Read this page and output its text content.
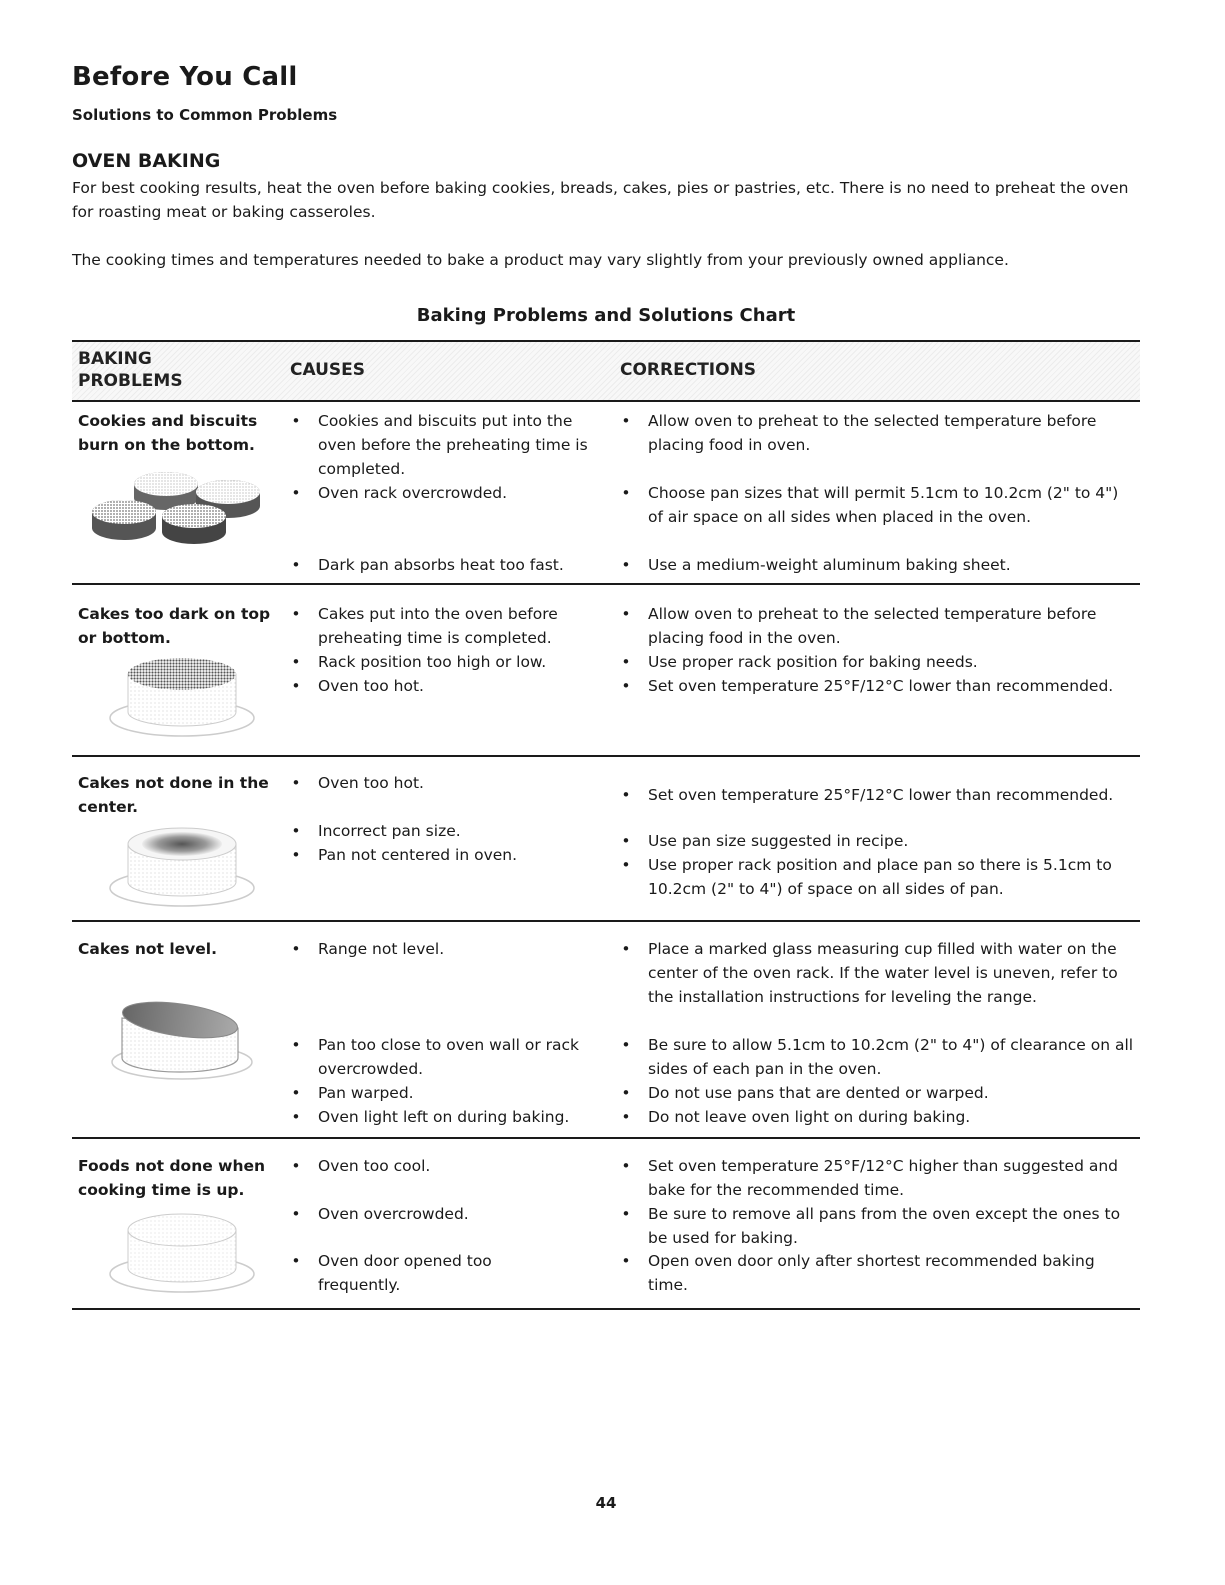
Before You Call
Solutions to Common Problems
OVEN BAKING
For best cooking results, heat the oven before baking cookies, breads, cakes, pies or pastries, etc. There is no need to preheat the oven for roasting meat or baking casseroles.
The cooking times and temperatures needed to bake a product may vary slightly from your previously owned appliance.
Baking Problems and Solutions Chart
BAKING
PROBLEMS
CAUSES	CORRECTIONS
Cookies and biscuits burn on the bottom.
• Cookies and biscuits put into the oven before the preheating time is completed.
• Oven rack overcrowded.
• Dark pan absorbs heat too fast.
• Allow oven to preheat to the selected temperature before placing food in oven.
• Choose pan sizes that will permit 5.1cm to 10.2cm (2" to 4") of air space on all sides when placed in the oven.
• Use a medium-weight aluminum baking sheet.
Cakes too dark on top or bottom.
• Cakes put into the oven before preheating time is completed.
• Rack position too high or low.
• Oven too hot.
• Allow oven to preheat to the selected temperature before placing food in the oven.
• Use proper rack position for baking needs.
• Set oven temperature 25°F/12°C lower than recommended.
Cakes not done in the center.
• Oven too hot.
• Incorrect pan size.
• Pan not centered in oven.
• Set oven temperature 25°F/12°C lower than recommended.
• Use pan size suggested in recipe.
• Use proper rack position and place pan so there is 5.1cm to 10.2cm (2" to 4") of space on all sides of pan.
Cakes not level.	• Range not level.
• Pan too close to oven wall or rack overcrowded.
• Pan warped.
• Oven light left on during baking.
• Place a marked glass measuring cup filled with water on the center of the oven rack. If the water level is uneven, refer to the installation instructions for leveling the range.
• Be sure to allow 5.1cm to 10.2cm (2" to 4") of clearance on all sides of each pan in the oven.
• Do not use pans that are dented or warped.
• Do not leave oven light on during baking.
Foods not done when cooking time is up.
• Oven too cool.
• Oven overcrowded.
• Oven door opened too frequently.
• Set oven temperature 25°F/12°C higher than suggested and bake for the recommended time.
• Be sure to remove all pans from the oven except the ones to be used for baking.
• Open oven door only after shortest recommended baking time.
44
